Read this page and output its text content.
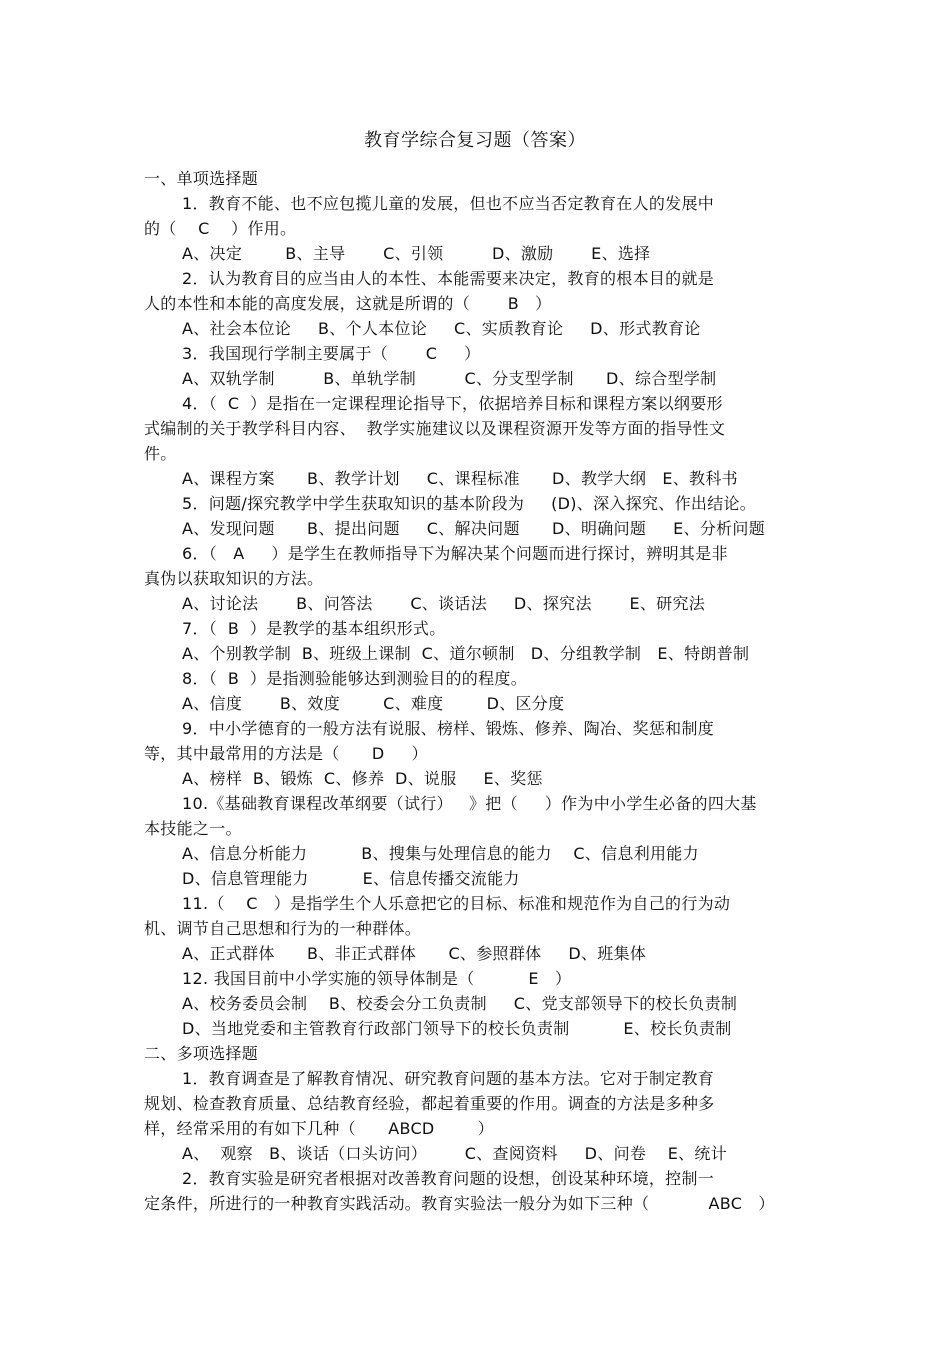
教育学综合复习题（答案）
一、单项选择题
1．教育不能、也不应包揽儿童的发展，但也不应当否定教育在人的发展中
的（    C    ）作用。
A、决定        B、主导       C、引领         D、激励       E、选择
2．认为教育目的应当由人的本性、本能需要来决定，教育的根本目的就是
人的本性和本能的高度发展，这就是所谓的（       B   ）
A、社会本位论     B、个人本位论     C、实质教育论     D、形式教育论
3．我国现行学制主要属于（       C     ）
A、双轨学制         B、单轨学制         C、分支型学制      D、综合型学制
4．（  C  ）是指在一定课程理论指导下，依据培养目标和课程方案以纲要形
式编制的关于教学科目内容、  教学实施建议以及课程资源开发等方面的指导性文
件。
A、课程方案      B、教学计划     C、课程标准      D、教学大纲   E、教科书
5．问题/探究教学中学生获取知识的基本阶段为     (D)、深入探究、作出结论。
A、发现问题      B、提出问题     C、解决问题      D、明确问题     E、分析问题
6．（   A     ）是学生在教师指导下为解决某个问题而进行探讨，辨明其是非
真伪以获取知识的方法。
A、讨论法       B、问答法       C、谈话法     D、探究法       E、研究法
7．（  B  ）是教学的基本组织形式。
A、个别教学制  B、班级上课制  C、道尔顿制   D、分组教学制   E、特朗普制
8．（  B  ）是指测验能够达到测验目的的程度。
A、信度       B、效度        C、难度        D、区分度
9．中小学德育的一般方法有说服、榜样、锻炼、修养、陶冶、奖惩和制度
等，其中最常用的方法是（      D     ）
A、榜样  B、锻炼  C、修养  D、说服     E、奖惩
10.《基础教育课程改革纲要（试行）   》把（     ）作为中小学生必备的四大基
本技能之一。
A、信息分析能力          B、搜集与处理信息的能力    C、信息利用能力
D、信息管理能力          E、信息传播交流能力
11.（    C   ）是指学生个人乐意把它的目标、标准和规范作为自己的行为动
机、调节自己思想和行为的一种群体。
A、正式群体      B、非正式群体      C、参照群体     D、班集体
12. 我国目前中小学实施的领导体制是（          E   ）
A、校务委员会制    B、校委会分工负责制     C、党支部领导下的校长负责制
D、当地党委和主管教育行政部门领导下的校长负责制          E、校长负责制
二、多项选择题
1．教育调查是了解教育情况、研究教育问题的基本方法。它对于制定教育
规划、检查教育质量、总结教育经验，都起着重要的作用。调查的方法是多种多
样，经常采用的有如下几种（      ABCD        ）
A、  观察   B、谈话（口头访问）       C、查阅资料     D、问卷    E、统计
2．教育实验是研究者根据对改善教育问题的设想，创设某种环境，控制一
定条件，所进行的一种教育实践活动。教育实验法一般分为如下三种（           ABC   ）
